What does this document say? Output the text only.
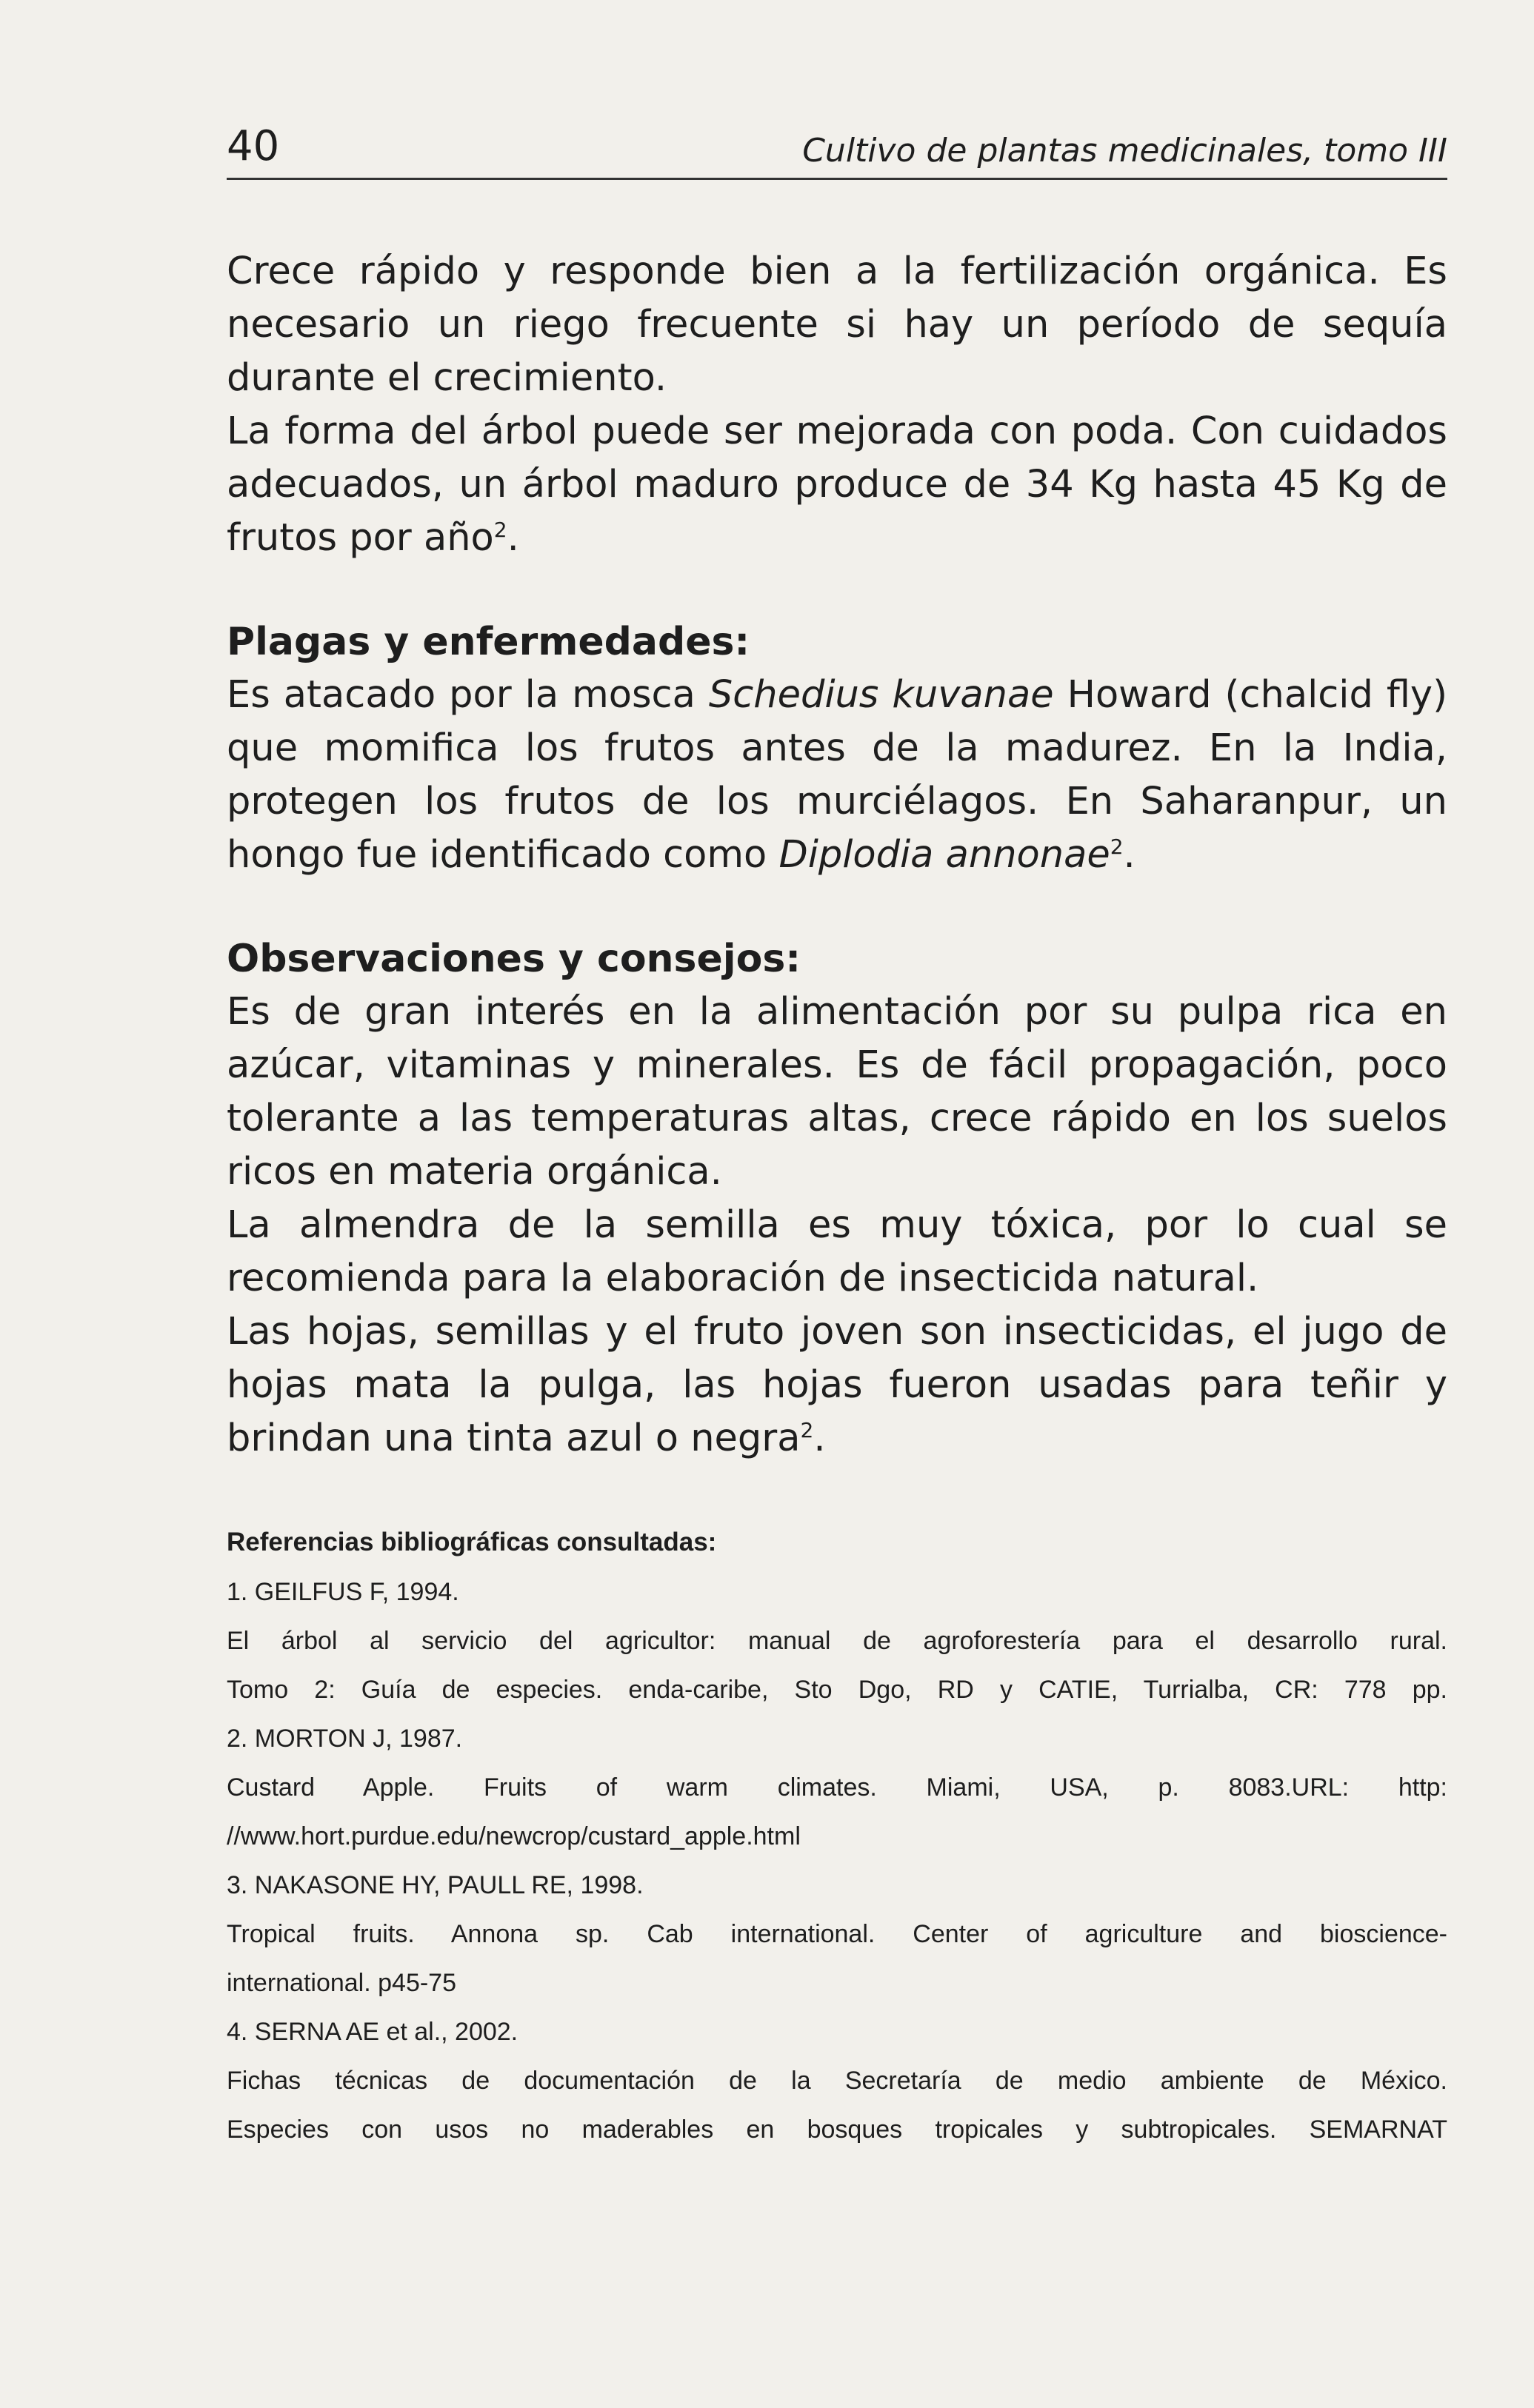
40	Cultivo de plantas medicinales, tomo III

Crece rápido y responde bien a la fertilización orgánica. Es necesario un riego frecuente si hay un período de sequía durante el crecimiento.

La forma del árbol puede ser mejorada con poda. Con cuidados adecuados, un árbol maduro produce de 34 Kg hasta 45 Kg de frutos por año$^2$.

Plagas y enfermedades:

Es atacado por la mosca Schedius kuvanae Howard (chalcid fly) que momifica los frutos antes de la madurez. En la India, protegen los frutos de los murciélagos. En Saharanpur, un hongo fue identificado como Diplodia annonae$^2$.

Observaciones y consejos:

Es de gran interés en la alimentación por su pulpa rica en azúcar, vitaminas y minerales. Es de fácil propagación, poco tolerante a las temperaturas altas, crece rápido en los suelos ricos en materia orgánica.

La almendra de la semilla es muy tóxica, por lo cual se recomienda para la elaboración de insecticida natural.

Las hojas, semillas y el fruto joven son insecticidas, el jugo de hojas mata la pulga, las hojas fueron usadas para teñir y brindan una tinta azul o negra$^2$.

Referencias bibliográficas consultadas:

1. GEILFUS F, 1994.

El árbol al servicio del agricultor: manual de agroforestería para el desarrollo rural.

Tomo 2: Guía de especies. enda-caribe, Sto Dgo, RD y CATIE, Turrialba, CR: 778 pp.

2. MORTON J, 1987.

Custard Apple. Fruits of warm climates. Miami, USA, p. 8083.URL: http:

//www.hort.purdue.edu/newcrop/custard_apple.html

3. NAKASONE HY, PAULL RE, 1998.

Tropical fruits. Annona sp. Cab international. Center of agriculture and bioscience-

international. p45-75

4. SERNA AE et al., 2002.

Fichas técnicas de documentación de la Secretaría de medio ambiente de México.

Especies con usos no maderables en bosques tropicales y subtropicales. SEMARNAT
